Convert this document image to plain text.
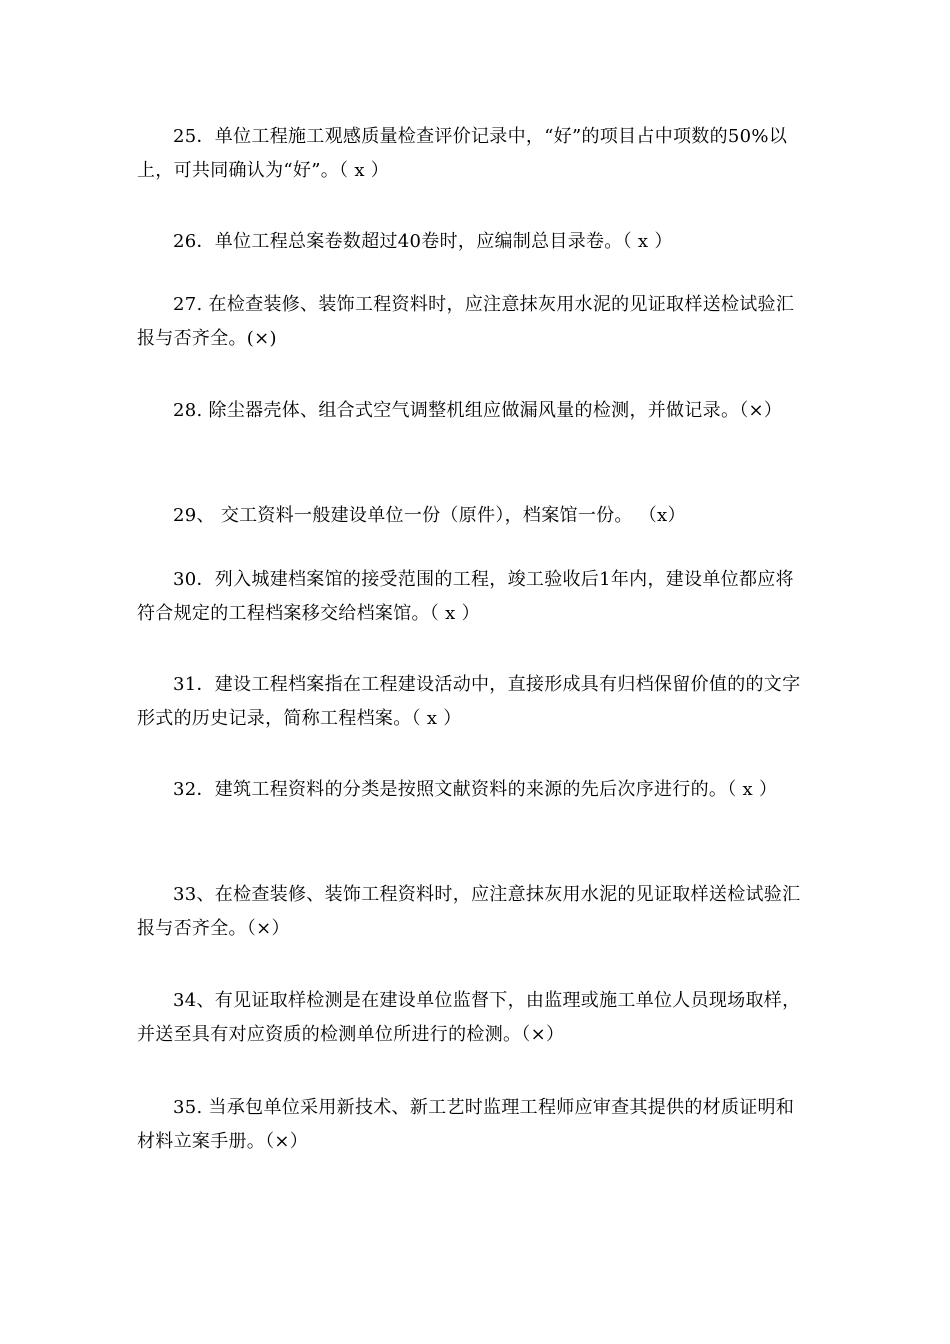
25．单位工程施工观感质量检查评价记录中，“好”的项目占中项数的50%以上，可共同确认为“好”。（ x ）

26．单位工程总案卷数超过40卷时，应编制总目录卷。（ x ）

27. 在检查装修、装饰工程资料时，应注意抹灰用水泥的见证取样送检试验汇报与否齐全。(×)

28. 除尘器壳体、组合式空气调整机组应做漏风量的检测，并做记录。（×）

29、 交工资料一般建设单位一份（原件），档案馆一份。 （x）

30．列入城建档案馆的接受范围的工程，竣工验收后1年内，建设单位都应将符合规定的工程档案移交给档案馆。（ x ）

31．建设工程档案指在工程建设活动中，直接形成具有归档保留价值的的文字形式的历史记录，简称工程档案。（ x ）

32．建筑工程资料的分类是按照文献资料的来源的先后次序进行的。（ x ）

33、在检查装修、装饰工程资料时，应注意抹灰用水泥的见证取样送检试验汇报与否齐全。（×）

34、有见证取样检测是在建设单位监督下，由监理或施工单位人员现场取样，并送至具有对应资质的检测单位所进行的检测。（×）

35. 当承包单位采用新技术、新工艺时监理工程师应审查其提供的材质证明和材料立案手册。（×）
